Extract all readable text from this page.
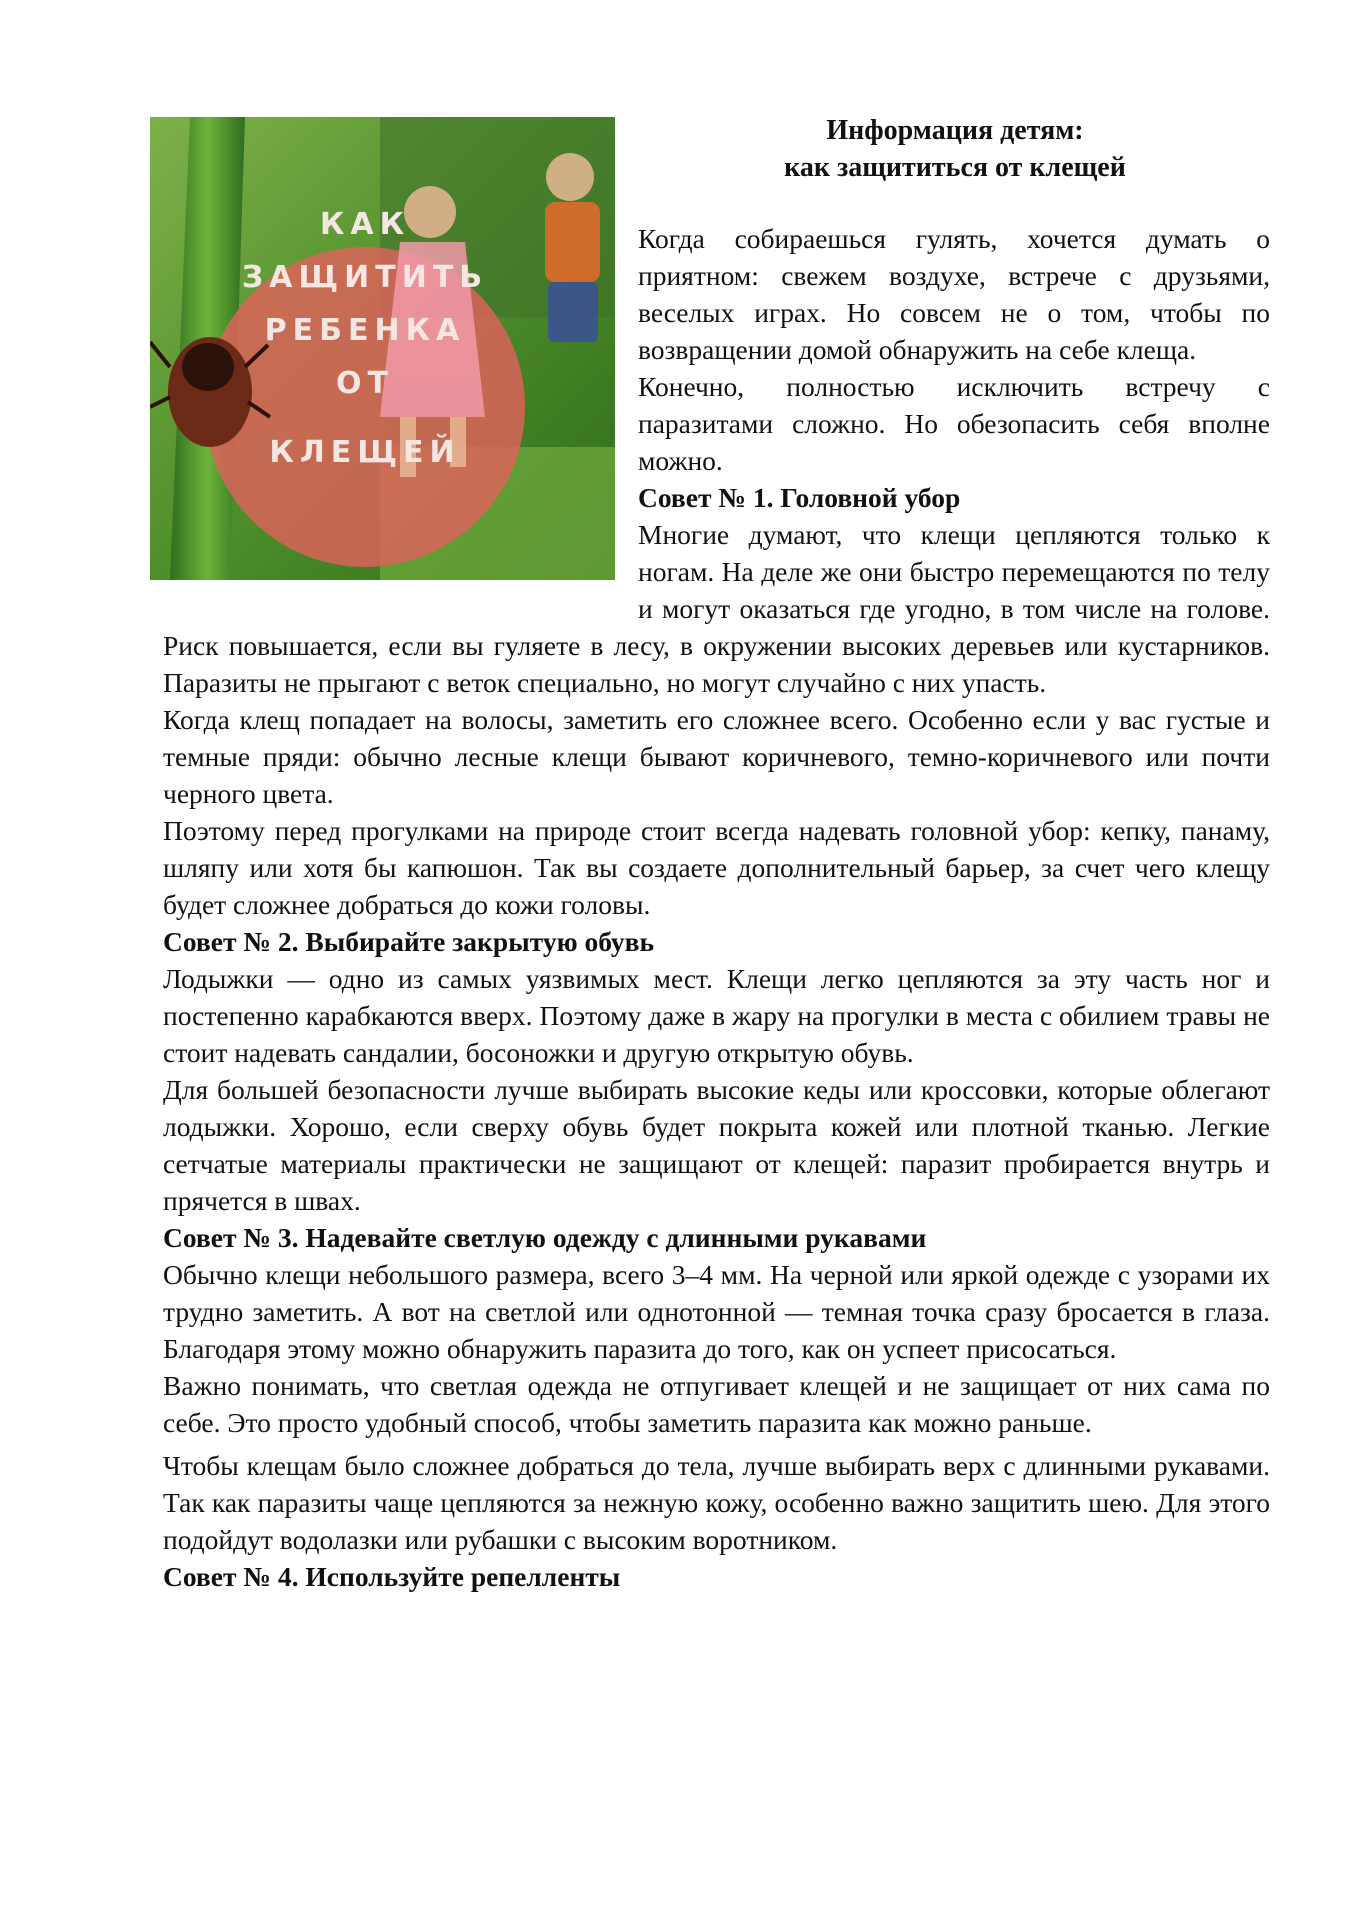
КАК
ЗАЩИТИТЬ
РЕБЕНКА
ОТ
КЛЕЩЕЙ
Информация детям:
как защититься от клещей

Когда собираешься гулять, хочется думать о приятном: свежем воздухе, встрече с друзьями, веселых играх. Но совсем не о том, чтобы по возвращении домой обнаружить на себе клеща.

Конечно, полностью исключить встречу с паразитами сложно. Но обезопасить себя вполне можно.

Совет № 1. Головной убор

Многие думают, что клещи цепляются только к ногам. На деле же они быстро перемещаются по телу и могут оказаться где угодно, в том числе на голове. Риск повышается, если вы гуляете в лесу, в окружении высоких деревьев или кустарников. Паразиты не прыгают с веток специально, но могут случайно с них упасть.

Когда клещ попадает на волосы, заметить его сложнее всего. Особенно если у вас густые и темные пряди: обычно лесные клещи бывают коричневого, темно-коричневого или почти черного цвета.

Поэтому перед прогулками на природе стоит всегда надевать головной убор: кепку, панаму, шляпу или хотя бы капюшон. Так вы создаете дополнительный барьер, за счет чего клещу будет сложнее добраться до кожи головы.

Совет № 2. Выбирайте закрытую обувь

Лодыжки — одно из самых уязвимых мест. Клещи легко цепляются за эту часть ног и постепенно карабкаются вверх. Поэтому даже в жару на прогулки в места с обилием травы не стоит надевать сандалии, босоножки и другую открытую обувь.

Для большей безопасности лучше выбирать высокие кеды или кроссовки, которые облегают лодыжки. Хорошо, если сверху обувь будет покрыта кожей или плотной тканью. Легкие сетчатые материалы практически не защищают от клещей: паразит пробирается внутрь и прячется в швах.

Совет № 3. Надевайте светлую одежду с длинными рукавами

Обычно клещи небольшого размера, всего 3–4 мм. На черной или яркой одежде с узорами их трудно заметить. А вот на светлой или однотонной — темная точка сразу бросается в глаза. Благодаря этому можно обнаружить паразита до того, как он успеет присосаться.

Важно понимать, что светлая одежда не отпугивает клещей и не защищает от них сама по себе. Это просто удобный способ, чтобы заметить паразита как можно раньше.

Чтобы клещам было сложнее добраться до тела, лучше выбирать верх с длинными рукавами. Так как паразиты чаще цепляются за нежную кожу, особенно важно защитить шею. Для этого подойдут водолазки или рубашки с высоким воротником.

Совет № 4. Используйте репелленты
